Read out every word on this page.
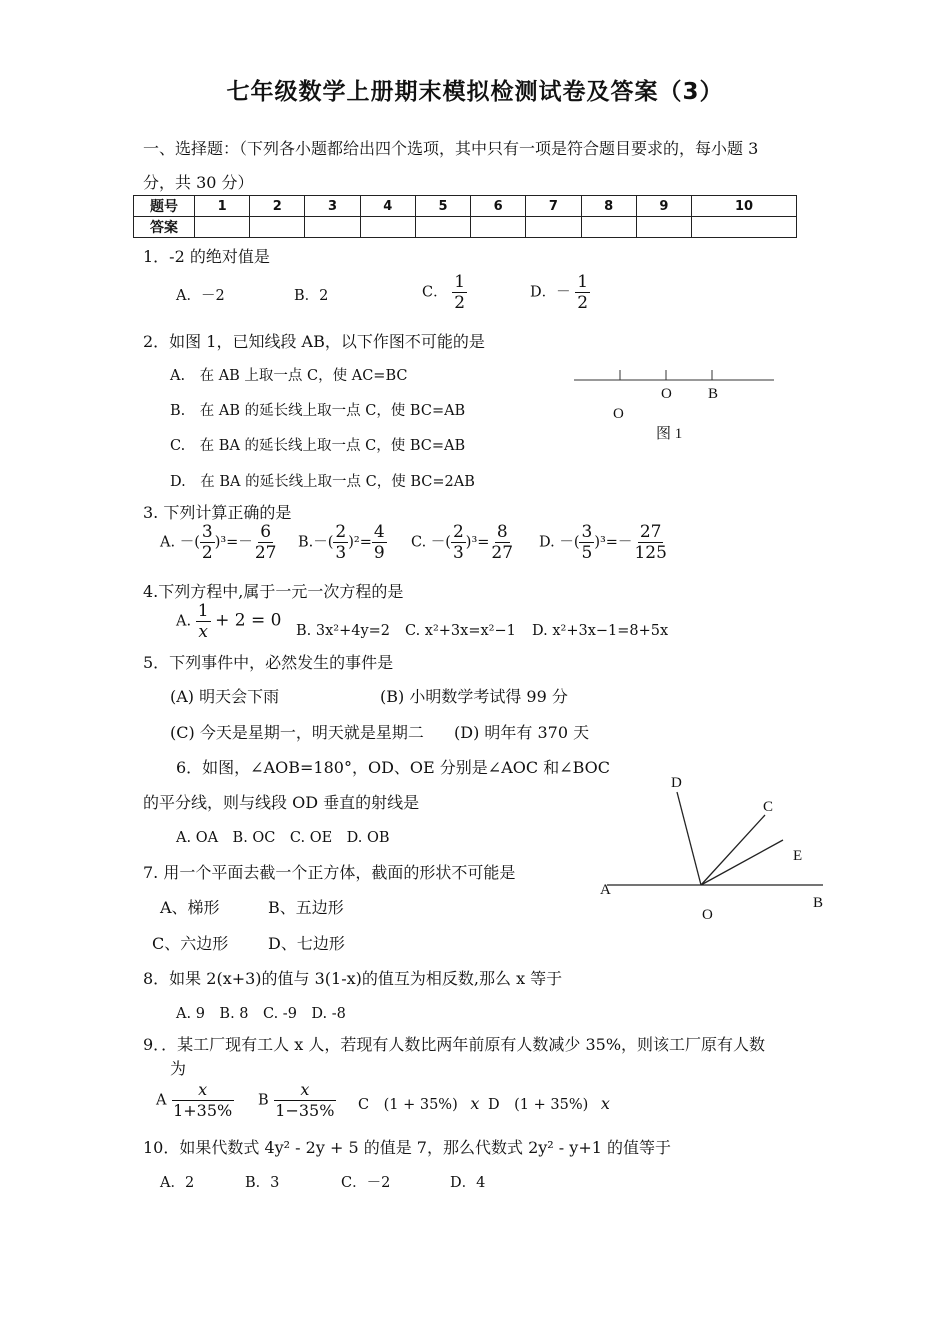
七年级数学上册期末模拟检测试卷及答案（3）
一、选择题：（下列各小题都给出四个选项，其中只有一项是符合题目要求的，每小题 3
分，共 30 分）
题号	1	2	3	4	5	6	7	8	9	10
答案										
1．-2 的绝对值是
A．－2	B．2	C． $\frac{1}{2}$	D．－ $\frac{1}{2}$
2．如图 1，已知线段 AB，以下作图不可能的是
A.　在 AB 上取一点 C，使 AC=BC
B.　在 AB 的延长线上取一点 C，使 BC=AB
C.　在 BA 的延长线上取一点 C，使 BC=AB
D.　在 BA 的延长线上取一点 C，使 BC=2AB
O B
O
图 1
3. 下列计算正确的是
A. －( $\frac{3}{2} )^3=- \frac{6}{27} B.-( \frac{2}{3} )^2= \frac{4}{9} C$. －( $\frac{2}{3} )^3= \frac{8}{27} D$. －( $\frac{3}{5} )^3=- \frac{27}{125}$
4.下列方程中,属于一元一次方程的是
A. $\frac{1}{x} + 2 = 0$
B. 3x²+4y=2 C. x²+3x=x²−1 D. x²+3x−1=8+5x
5．下列事件中，必然发生的事件是
(A) 明天会下雨	(B) 小明数学考试得 99 分
(C) 今天是星期一，明天就是星期二 (D) 明年有 370 天
6．如图，∠AOB=180°，OD、OE 分别是∠AOC 和∠BOC
的平分线，则与线段 OD 垂直的射线是
A. OA　B. OC　C. OE　D. OB
D
C
E
A
O
B
7. 用一个平面去截一个正方体，截面的形状不可能是
A、梯形	B、五边形
C、六边形 D、七边形
8．如果 2(x+3)的值与 3(1-x)的值互为相反数,那么 x 等于
A. 9　B. 8　C. -9　D. -8
9．．某工厂现有工人 x 人，若现有人数比两年前原有人数减少 35%，则该工厂原有人数
为
A $\frac{x}{1+35\%}$ B $\frac{x}{1-35\%}$ C　(1 + 35%) x D　(1 + 35%) x
10．如果代数式 4y² - 2y + 5 的值是 7，那么代数式 2y² - y+1 的值等于
A．2	B．3	C．－2	D．4
